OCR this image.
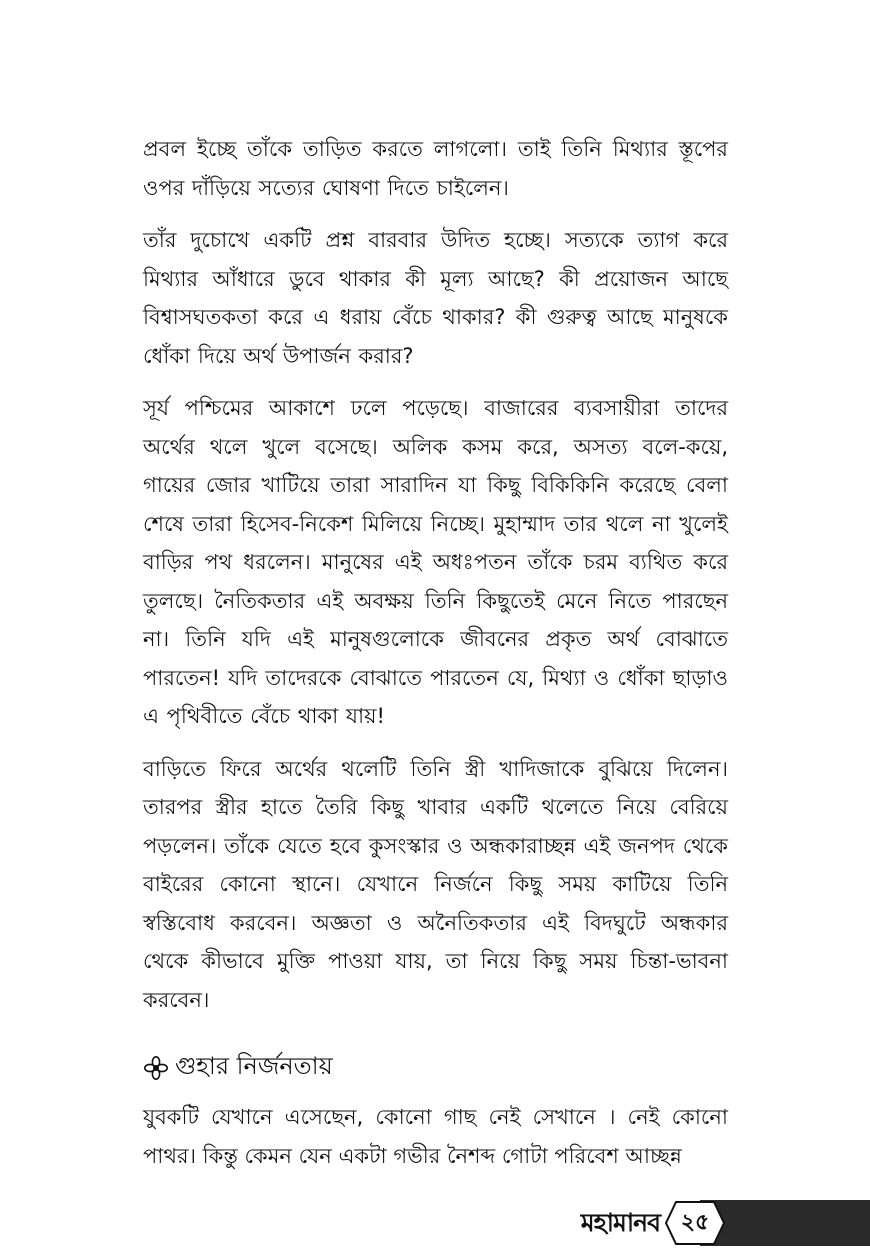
প্রবল ইচ্ছে তাঁকে তাড়িত করতে লাগলো। তাই তিনি মিথ্যার স্তূপের ওপর দাঁড়িয়ে সত্যের ঘোষণা দিতে চাইলেন।

তাঁর দুচোখে একটি প্রশ্ন বারবার উদিত হচ্ছে। সত্যকে ত্যাগ করে মিথ্যার আঁধারে ডুবে থাকার কী মূল্য আছে? কী প্রয়োজন আছে বিশ্বাসঘতকতা করে এ ধরায় বেঁচে থাকার? কী গুরুত্ব আছে মানুষকে ধোঁকা দিয়ে অর্থ উপার্জন করার?

সূর্য পশ্চিমের আকাশে ঢলে পড়েছে। বাজারের ব্যবসায়ীরা তাদের অর্থের থলে খুলে বসেছে। অলিক কসম করে, অসত্য বলে-কয়ে, গায়ের জোর খাটিয়ে তারা সারাদিন যা কিছু বিকিকিনি করেছে বেলা শেষে তারা হিসেব-নিকেশ মিলিয়ে নিচ্ছে। মুহাম্মাদ তার থলে না খুলেই বাড়ির পথ ধরলেন। মানুষের এই অধঃপতন তাঁকে চরম ব্যথিত করে তুলছে। নৈতিকতার এই অবক্ষয় তিনি কিছুতেই মেনে নিতে পারছেন না। তিনি যদি এই মানুষগুলোকে জীবনের প্রকৃত অর্থ বোঝাতে পারতেন! যদি তাদেরকে বোঝাতে পারতেন যে, মিথ্যা ও ধোঁকা ছাড়াও এ পৃথিবীতে বেঁচে থাকা যায়!

বাড়িতে ফিরে অর্থের থলেটি তিনি স্ত্রী খাদিজাকে বুঝিয়ে দিলেন। তারপর স্ত্রীর হাতে তৈরি কিছু খাবার একটি থলেতে নিয়ে বেরিয়ে পড়লেন। তাঁকে যেতে হবে কুসংস্কার ও অন্ধকারাচ্ছন্ন এই জনপদ থেকে বাইরের কোনো স্থানে। যেখানে নির্জনে কিছু সময় কাটিয়ে তিনি স্বস্তিবোধ করবেন। অজ্ঞতা ও অনৈতিকতার এই বিদঘুটে অন্ধকার থেকে কীভাবে মুক্তি পাওয়া যায়, তা নিয়ে কিছু সময় চিন্তা-ভাবনা করবেন।

গুহার নির্জনতায়

যুবকটি যেখানে এসেছেন, কোনো গাছ নেই সেখানে । নেই কোনো পাথর। কিন্তু কেমন যেন একটা গভীর নৈশব্দ গোটা পরিবেশ আচ্ছন্ন

মহামানব ২৫
